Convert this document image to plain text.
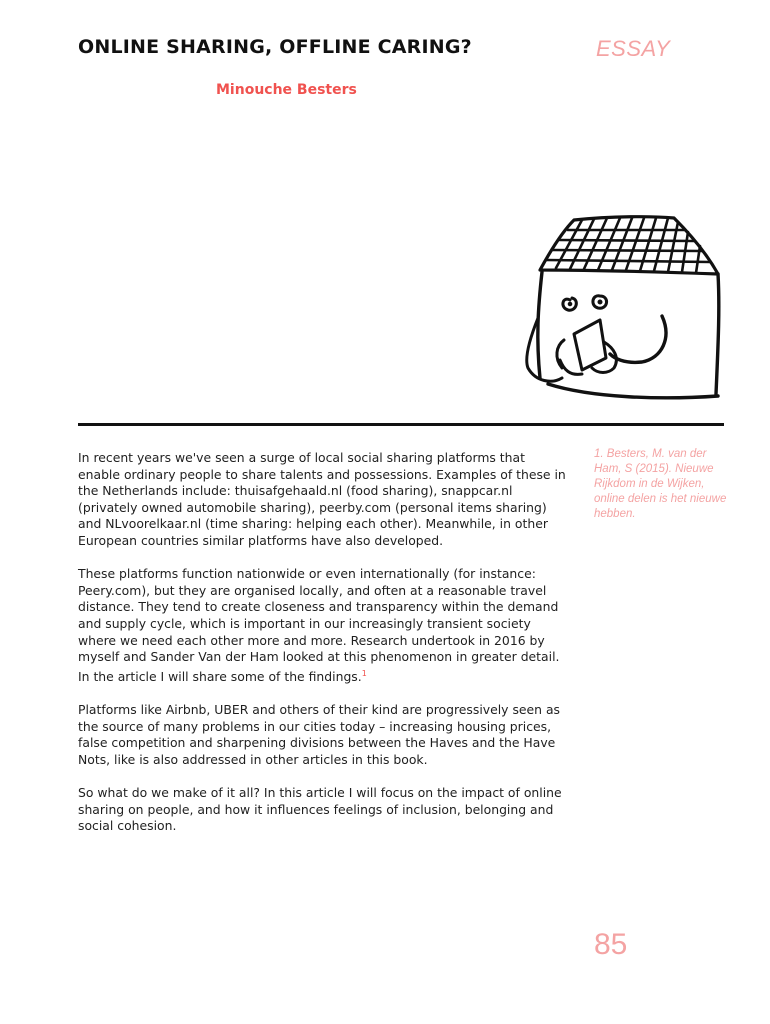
ONLINE SHARING, OFFLINE CARING?	ESSAY
Minouche Besters

In recent years we've seen a surge of local social sharing platforms that enable ordinary people to share talents and possessions. Examples of these in the Netherlands include: thuisafgehaald.nl (food sharing), snappcar.nl (privately owned automobile sharing), peerby.com (personal items sharing) and NLvoorelkaar.nl (time sharing: helping each other). Meanwhile, in other European countries similar platforms have also developed.

These platforms function nationwide or even internationally (for instance: Peery.com), but they are organised locally, and often at a reasonable travel distance. They tend to create closeness and transparency within the demand and supply cycle, which is important in our increasingly transient society where we need each other more and more. Research undertook in 2016 by myself and Sander Van der Ham looked at this phenomenon in greater detail. In the article I will share some of the findings.$^1$

Platforms like Airbnb, UBER and others of their kind are progressively seen as the source of many problems in our cities today – increasing housing prices, false competition and sharpening divisions between the Haves and the Have Nots, like is also addressed in other articles in this book.

So what do we make of it all? In this article I will focus on the impact of online sharing on people, and how it influences feelings of inclusion, belonging and social cohesion.

1. Besters, M. van der Ham, S (2015). Nieuwe Rijkdom in de Wijken, online delen is het nieuwe hebben.
85
